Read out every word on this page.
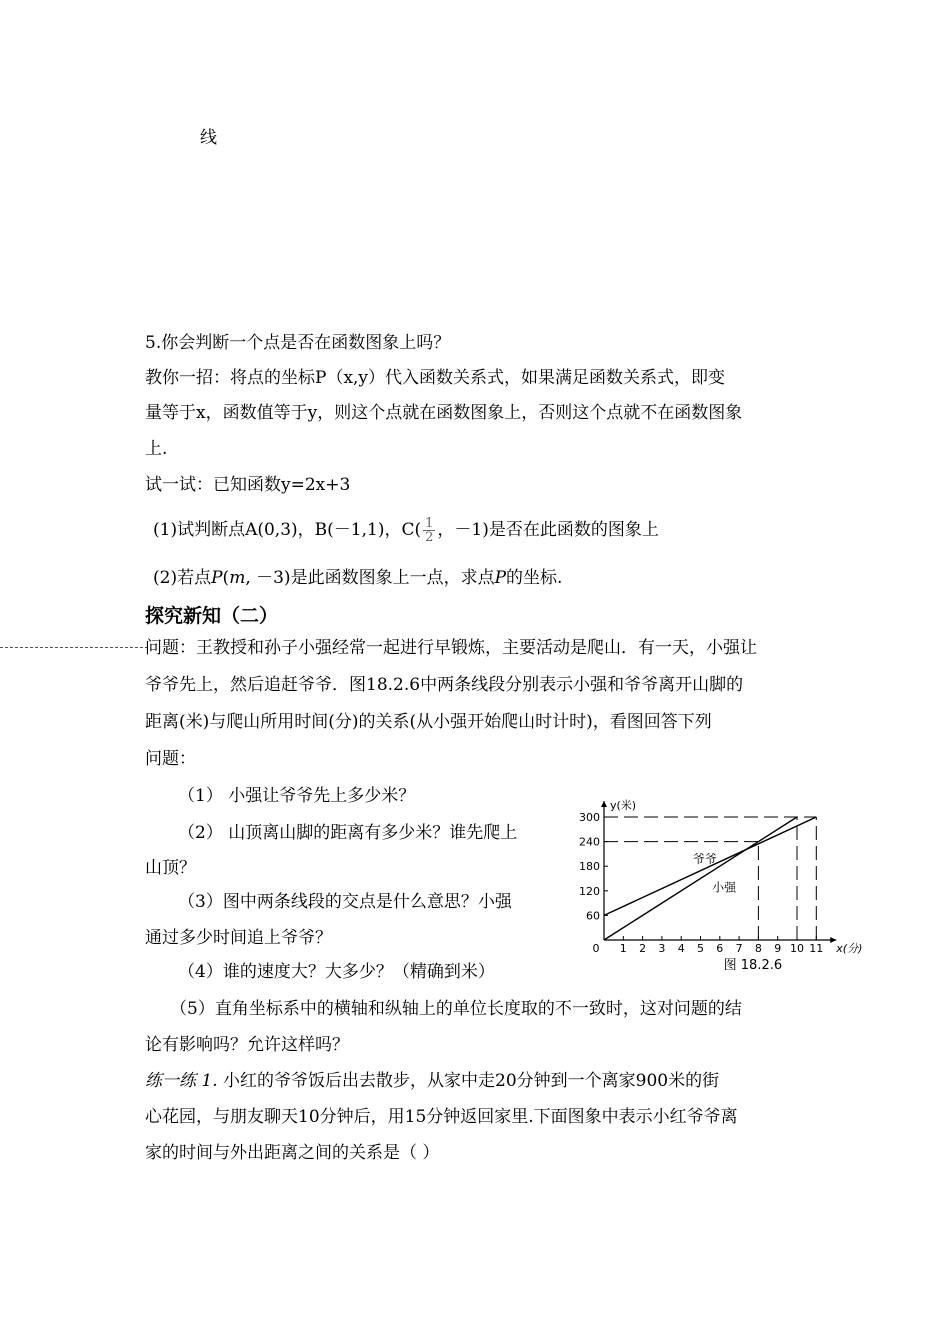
线
5.你会判断一个点是否在函数图象上吗？
教你一招：将点的坐标P（x,y）代入函数关系式，如果满足函数关系式，即变
量等于x，函数值等于y，则这个点就在函数图象上，否则这个点就不在函数图象
上.
试一试：已知函数y=2x+3
(1)试判断点A(0,3)，B(－1,1)，$C( \frac{1}{2}$ ，－1)是否在此函数的图象上
(2)若点P(m, －3)是此函数图象上一点，求点P的坐标.
探究新知（二）
问题：王教授和孙子小强经常一起进行早锻炼，主要活动是爬山．有一天，小强让
爷爷先上，然后追赶爷爷．图18.2.6中两条线段分别表示小强和爷爷离开山脚的
距离(米)与爬山所用时间(分)的关系(从小强开始爬山时计时)，看图回答下列
问题：
（1） 小强让爷爷先上多少米？
（2） 山顶离山脚的距离有多少米？谁先爬上
山顶？
（3）图中两条线段的交点是什么意思？小强
通过多少时间追上爷爷？
（4）谁的速度大？大多少？（精确到米）
（5）直角坐标系中的横轴和纵轴上的单位长度取的不一致时，这对问题的结
论有影响吗？允许这样吗？
练一练 1. 小红的爷爷饭后出去散步，从家中走20分钟到一个离家900米的街
心花园，与朋友聊天10分钟后，用15分钟返回家里.下面图象中表示小红爷爷离
家的时间与外出距离之间的关系是（ ）
0 1 2 3 4 5 6 7 8 9 10 11
60
120
180
240
300
爷爷
小强
y(米)
x(分)
图 18.2.6
